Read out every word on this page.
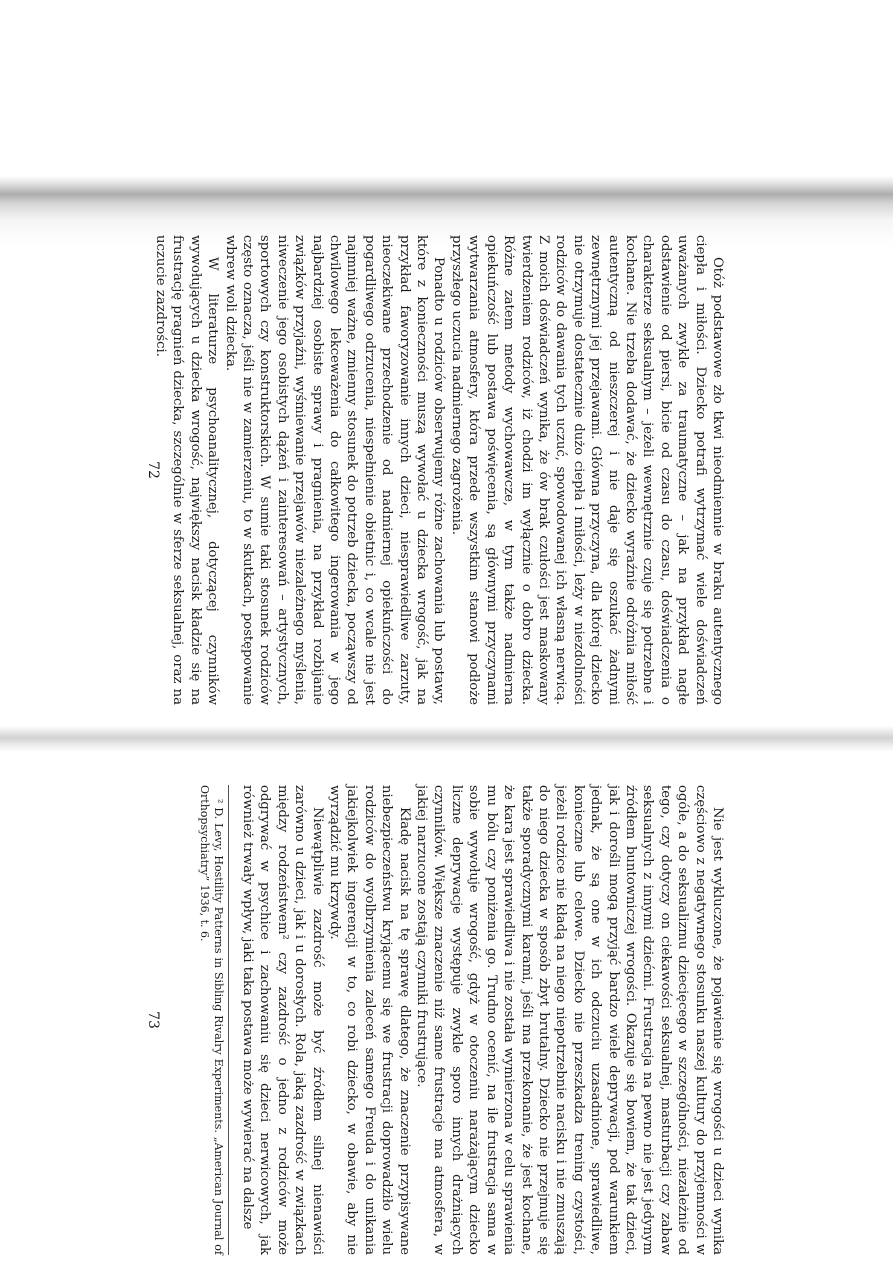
Otóż podstawowe zło tkwi nieodmiennie w braku autentycznego ciepła i miłości. Dziecko potrafi wytrzymać wiele doświadczeń uważanych zwykle za traumatyczne – jak na przykład nagłe odstawienie od piersi, bicie od czasu do czasu, doświadczenia o charakterze seksualnym – jeżeli wewnętrznie czuje się potrzebne i kochane. Nie trzeba dodawać, że dziecko wyraźnie odróżnia miłość autentyczną od nieszczerej i nie daje się oszukać żadnymi zewnętrznymi jej przejawami. Główna przyczyna, dla której dziecko nie otrzymuje dostatecznie dużo ciepła i miłości, leży w niezdolności rodziców do dawania tych uczuć, spowodowanej ich własną nerwicą. Z moich doświadczeń wynika, że ów brak czułości jest maskowany twierdzeniem rodziców, iż chodzi im wyłącznie o dobro dziecka. Różne zatem metody wychowawcze, w tym także nadmierna opiekuńczość lub postawa poświęcenia, są głównymi przyczynami wytwarzania atmosfery, która przede wszystkim stanowi podłoże przyszłego uczucia nadmiernego zagrożenia.

Ponadto u rodziców obserwujemy różne zachowania lub postawy, które z konieczności muszą wywołać u dziecka wrogość, jak na przykład faworyzowanie innych dzieci, niesprawiedliwe zarzuty, nieoczekiwane przechodzenie od nadmiernej opiekuńczości do pogardliwego odrzucenia, niespełnienie obietnic i, co wcale nie jest najmniej ważne, zmienny stosunek do potrzeb dziecka, począwszy od chwilowego lekceważenia do całkowitego ingerowania w jego najbardziej osobiste sprawy i pragnienia, na przykład rozbijanie związków przyjaźni, wyśmiewanie przejawów niezależnego myślenia, niweczenie jego osobistych dążeń i zainteresowań – artystycznych, sportowych czy konstruktorskich. W sumie taki stosunek rodziców często oznacza, jeśli nie w zamierzeniu, to w skutkach, postępowanie wbrew woli dziecka.

W literaturze psychoanalitycznej, dotyczącej czynników wywołujących u dziecka wrogość, największy nacisk kładzie się na frustrację pragnień dziecka, szczególnie w sferze seksualnej, oraz na uczucie zazdrości.

72

Nie jest wykluczone, że pojawienie się wrogości u dzieci wynika częściowo z negatywnego stosunku naszej kultury do przyjemności w ogóle, a do seksualizmu dziecięcego w szczególności, niezależnie od tego, czy dotyczy on ciekawości seksualnej, masturbacji czy zabaw seksualnych z innymi dziećmi. Frustracja na pewno nie jest jedynym źródłem buntowniczej wrogości. Okazuje się bowiem, że tak dzieci, jak i dorośli mogą przyjąć bardzo wiele deprywacji, pod warunkiem jednak, że są one w ich odczuciu uzasadnione, sprawiedliwe, konieczne lub celowe. Dziecko nie przeszkadza trening czystości, jeżeli rodzice nie kładą na niego niepotrzebnie nacisku i nie zmuszają do niego dziecka w sposób zbyt brutalny. Dziecko nie przejmuje się także sporadycznymi karami, jeśli ma przekonanie, że jest kochane, że kara jest sprawiedliwa i nie została wymierzona w celu sprawienia mu bólu czy poniżenia go. Trudno ocenić, na ile frustracja sama w sobie wywołuje wrogość, gdyż w otoczeniu narażającym dziecko liczne deprywacje występuje zwykle sporo innych drażniących czynników. Większe znaczenie niż same frustracje ma atmosfera, w jakiej narzucone zostają czynniki frustrujące.

Kładę nacisk na tę sprawę dlatego, że znaczenie przypisywane niebezpieczeństwu kryjącemu się we frustracji doprowadziło wielu rodziców do wyolbrzymienia zaleceń samego Freuda i do unikania jakiejkolwiek ingerencji w to, co robi dziecko, w obawie, aby nie wyrządzić mu krzywdy.

Niewątpliwie zazdrość może być źródłem silnej nienawiści zarówno u dzieci, jak i u dorosłych. Rola, jaką zazdrość w związkach między rodzeństwem² czy zazdrość o jedno z rodziców może odgrywać w psychice i zachowaniu się dzieci nerwicowych, jak również trwały wpływ, jaki taka postawa może wywierać na dalsze

² D. Levy, Hostility Patterns in Sibling Rivalry Experiments. „American Journal of Orthopsychiatry” 1936, t. 6.

73
